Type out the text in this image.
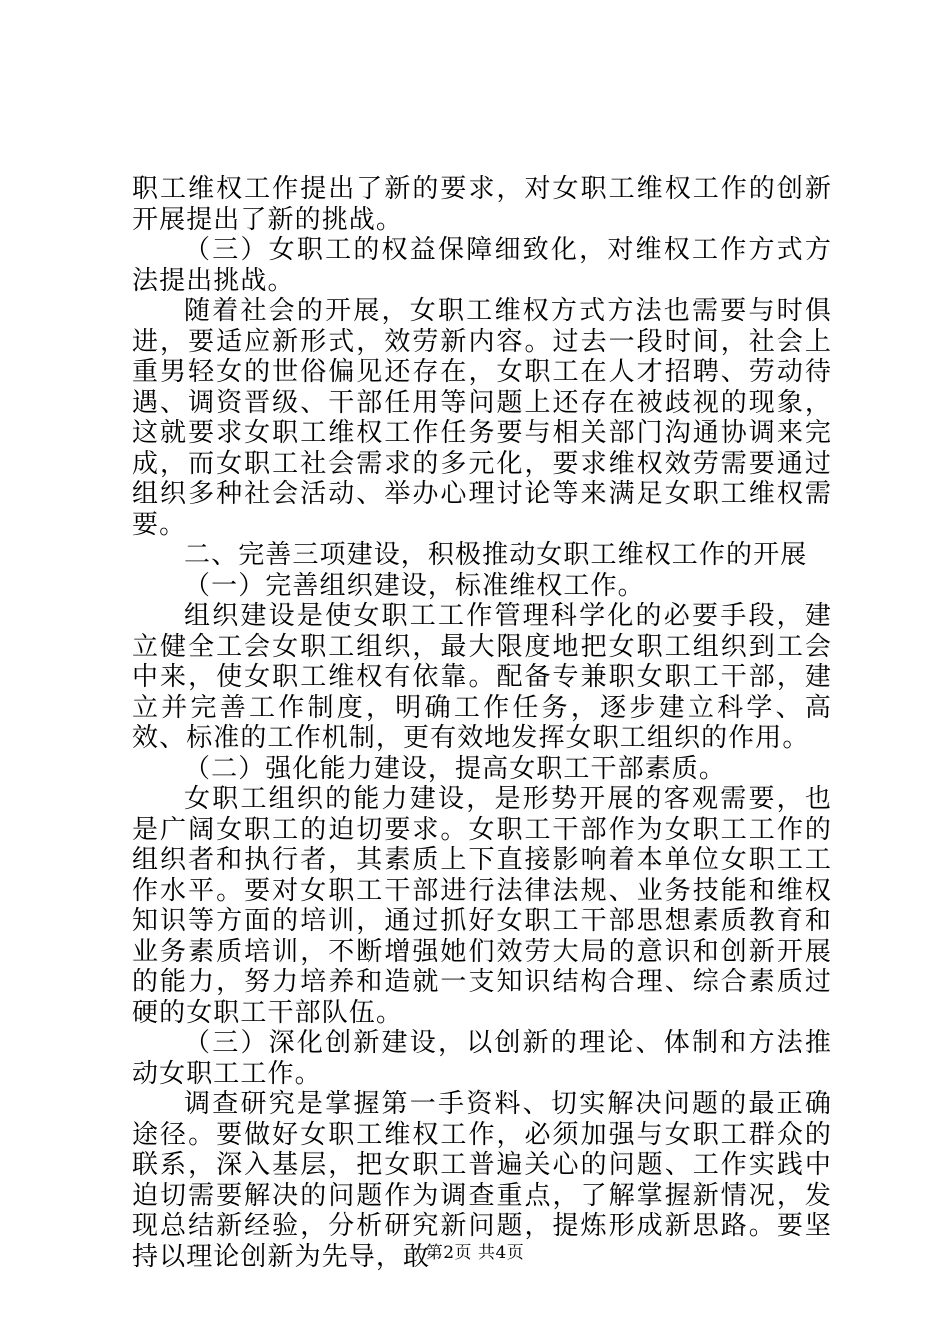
职工维权工作提出了新的要求，对女职工维权工作的创新开展提出了新的挑战。

（三）女职工的权益保障细致化，对维权工作方式方法提出挑战。

随着社会的开展，女职工维权方式方法也需要与时俱进，要适应新形式，效劳新内容。过去一段时间，社会上重男轻女的世俗偏见还存在，女职工在人才招聘、劳动待遇、调资晋级、干部任用等问题上还存在被歧视的现象，这就要求女职工维权工作任务要与相关部门沟通协调来完成，而女职工社会需求的多元化，要求维权效劳需要通过组织多种社会活动、举办心理讨论等来满足女职工维权需要。

二、完善三项建设，积极推动女职工维权工作的开展

（一）完善组织建设，标准维权工作。

组织建设是使女职工工作管理科学化的必要手段，建立健全工会女职工组织，最大限度地把女职工组织到工会中来，使女职工维权有依靠。配备专兼职女职工干部，建立并完善工作制度，明确工作任务，逐步建立科学、高效、标准的工作机制，更有效地发挥女职工组织的作用。

（二）强化能力建设，提高女职工干部素质。

女职工组织的能力建设，是形势开展的客观需要，也是广阔女职工的迫切要求。女职工干部作为女职工工作的组织者和执行者，其素质上下直接影响着本单位女职工工作水平。要对女职工干部进行法律法规、业务技能和维权知识等方面的培训，通过抓好女职工干部思想素质教育和业务素质培训，不断增强她们效劳大局的意识和创新开展的能力，努力培养和造就一支知识结构合理、综合素质过硬的女职工干部队伍。

（三）深化创新建设，以创新的理论、体制和方法推动女职工工作。

调查研究是掌握第一手资料、切实解决问题的最正确途径。要做好女职工维权工作，必须加强与女职工群众的联系，深入基层，把女职工普遍关心的问题、工作实践中迫切需要解决的问题作为调查重点，了解掌握新情况，发现总结新经验，分析研究新问题，提炼形成新思路。要坚持以理论创新为先导，敢

第2页 共4页
